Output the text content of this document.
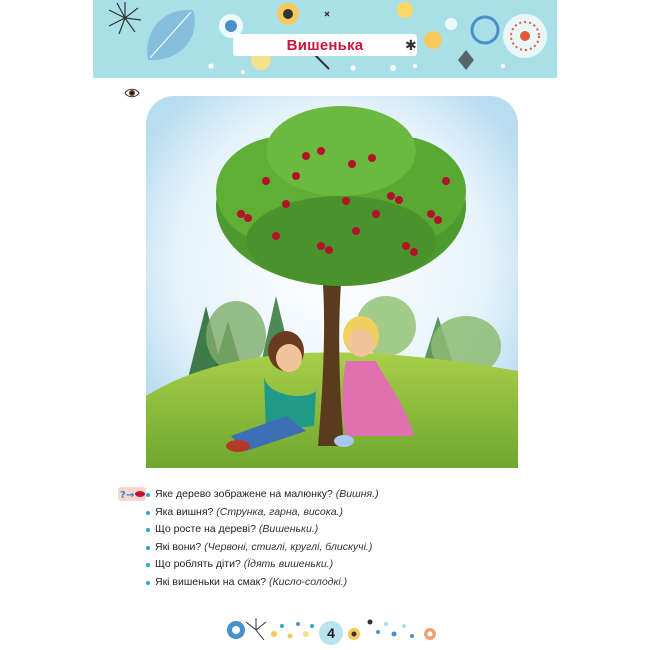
Вишенька	✱
? →	Яке дерево зображене на малюнку? (Вишня.)
Яка вишня? (Струнка, гарна, висока.)
Що росте на дереві? (Вишеньки.)
Які вони? (Червоні, стиглі, круглі, блискучі.)
Що роблять діти? (Їдять вишеньки.)
Які вишеньки на смак? (Кисло-солодкі.)
4
